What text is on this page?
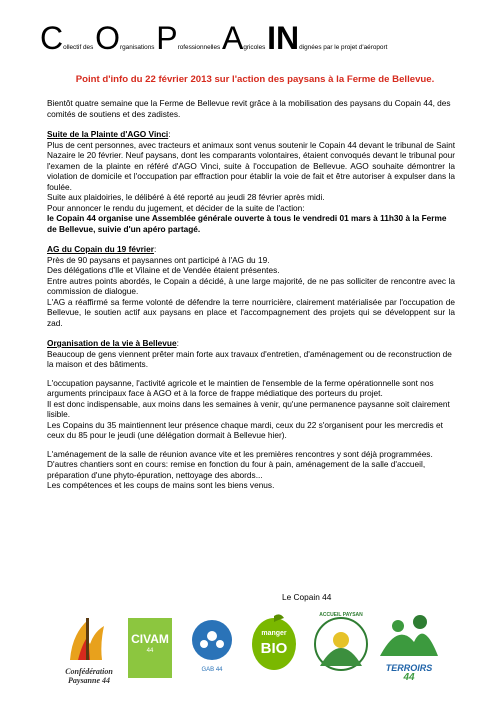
Collectif des Organisations Professionnelles Agricoles INdignées par le projet d'aéroport
Point d'info du 22 février 2013 sur l'action des paysans à la Ferme de Bellevue.

Bientôt quatre semaine que la Ferme de Bellevue revit grâce à la mobilisation des paysans du Copain 44, des comités de soutiens et des zadistes.

Suite de la Plainte d'AGO Vinci:

Plus de cent personnes, avec tracteurs et animaux sont venus soutenir le Copain 44 devant le tribunal de Saint Nazaire le 20 février. Neuf paysans, dont les comparants volontaires, étaient convoqués devant le tribunal pour l'examen de la plainte en référé d'AGO Vinci, suite à l'occupation de Bellevue. AGO souhaite démontrer la violation de domicile et l'occupation par effraction pour établir la voie de fait et être autoriser à expulser dans la foulée.

Suite aux plaidoiries, le délibéré à été reporté au jeudi 28 février après midi.

Pour annoncer le rendu du jugement, et décider de la suite de l'action:

le Copain 44 organise une Assemblée générale ouverte à tous le vendredi 01 mars à 11h30 à la Ferme de Bellevue, suivie d'un apéro partagé.

AG du Copain du 19 février:

Près de 90 paysans et paysannes ont participé à l'AG du 19.

Des délégations d'Ile et Vilaine et de Vendée étaient présentes.

Entre autres points abordés, le Copain a décidé, à une large majorité, de ne pas solliciter de rencontre avec la commission de dialogue.

L'AG a réaffirmé sa ferme volonté de défendre la terre nourricière, clairement matérialisée par l'occupation de Bellevue, le soutien actif aux paysans en place et l'accompagnement des projets qui se développent sur la zad.

Organisation de la vie à Bellevue:

Beaucoup de gens viennent prêter main forte aux travaux d'entretien, d'aménagement ou de reconstruction de la maison et des bâtiments.

L'occupation paysanne, l'activité agricole et le maintien de l'ensemble de la ferme opérationnelle sont nos arguments principaux face à AGO et à la force de frappe médiatique des porteurs du projet.

Il est donc indispensable, aux moins dans les semaines à venir, qu'une permanence paysanne soit clairement lisible.

Les Copains du 35 maintiennent leur présence chaque mardi, ceux du 22 s'organisent pour les mercredis et ceux du 85 pour le jeudi (une délégation dormait à Bellevue hier).

L'aménagement de la salle de réunion avance vite et les premières rencontres y sont déjà programmées.

D'autres chantiers sont en cours: remise en fonction du four à pain, aménagement de la salle d'accueil, préparation d'une phyto-épuration, nettoyage des abords...

Les compétences et les coups de mains sont les biens venus.

Le Copain 44
Confédération
Paysanne 44
CIVAM
44
GAB 44
manger
BIO
ACCUEIL PAYSAN
TERROIRS
44
